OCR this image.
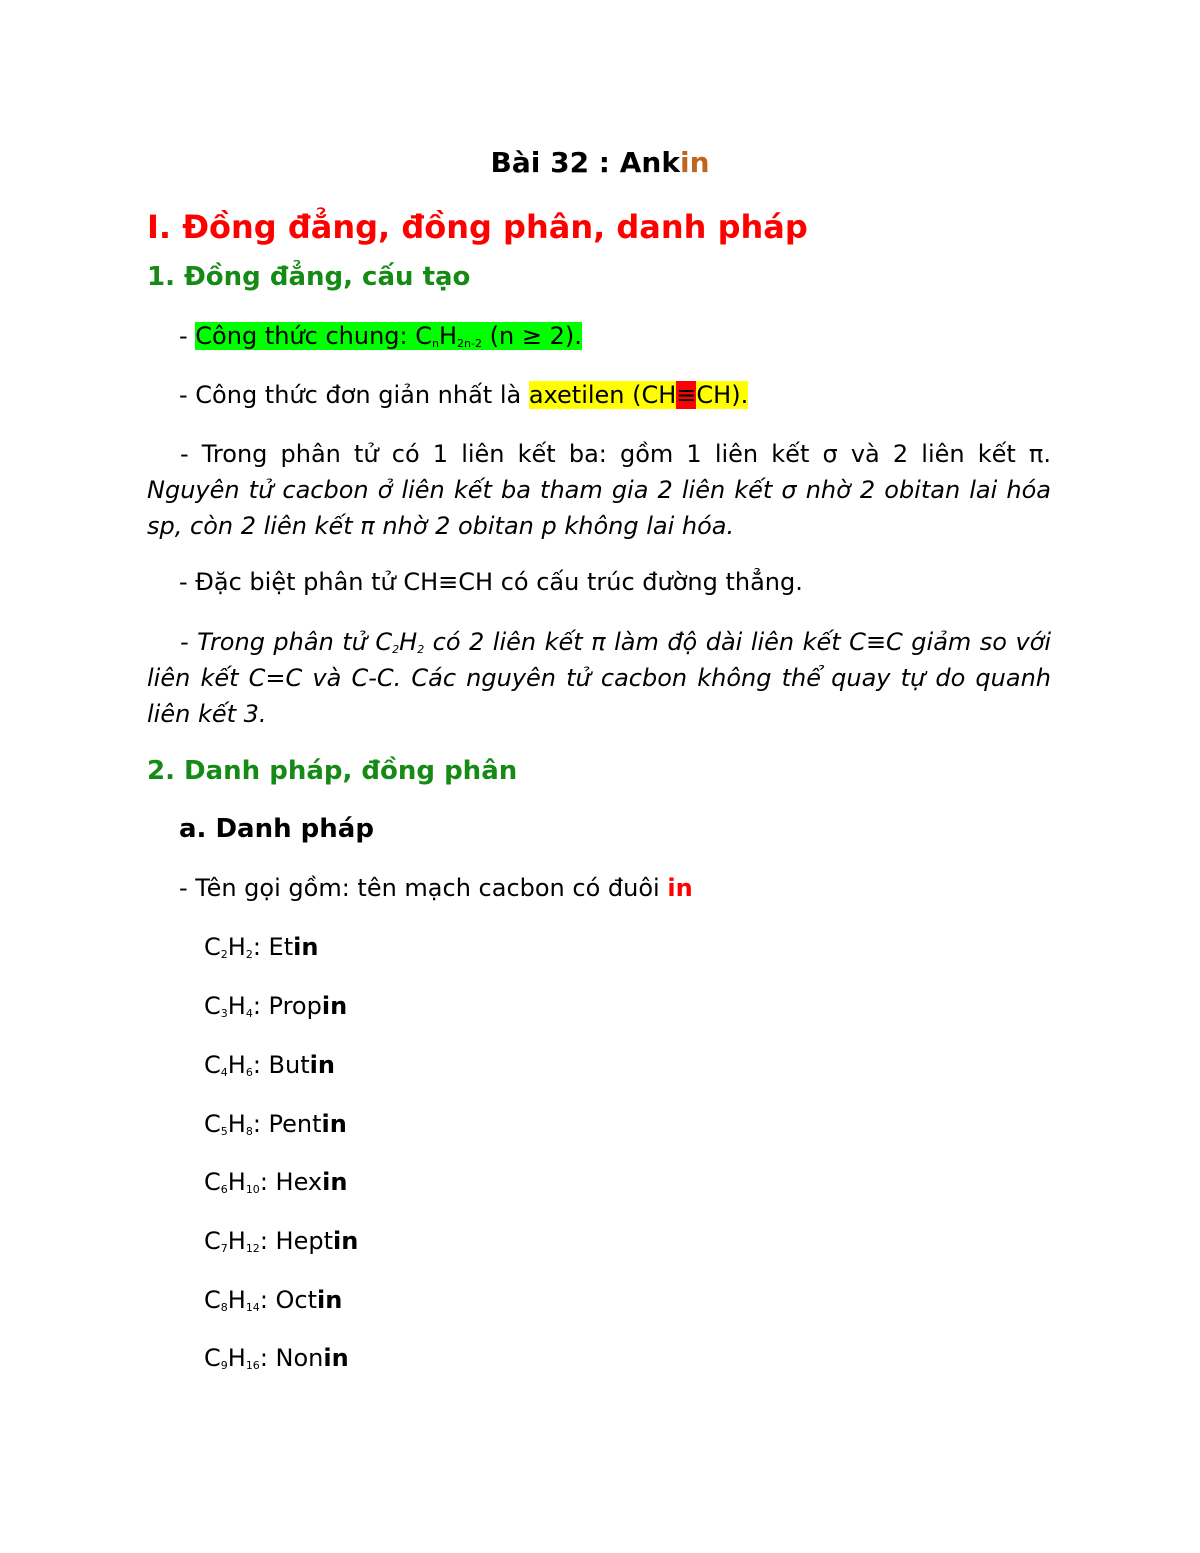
Bài 32 : Ankin
I. Đồng đẳng, đồng phân, danh pháp
1. Đồng đẳng, cấu tạo
- Công thức chung: $C_nH_{2n-2}$ (n ≥ 2).
- Công thức đơn giản nhất là axetilen (CH≡CH).
- Trong phân tử có 1 liên kết ba: gồm 1 liên kết σ và 2 liên kết π. Nguyên tử cacbon ở liên kết ba tham gia 2 liên kết σ nhờ 2 obitan lai hóa sp, còn 2 liên kết π nhờ 2 obitan p không lai hóa.
- Đặc biệt phân tử CH≡CH có cấu trúc đường thẳng.
- Trong phân tử $C_2H_2$ có 2 liên kết π làm độ dài liên kết C≡C giảm so với liên kết C=C và C-C. Các nguyên tử cacbon không thể quay tự do quanh liên kết 3.
2. Danh pháp, đồng phân
a. Danh pháp
- Tên gọi gồm: tên mạch cacbon có đuôi in
$C_2H_2$: Etin
$C_3H_4$: Propin
$C_4H_6$: Butin
$C_5H_8$: Pentin
$C_6H_{10}$: Hexin
$C_7H_{12}$: Heptin
$C_8H_{14}$: Octin
$C_9H_{16}$: Nonin
